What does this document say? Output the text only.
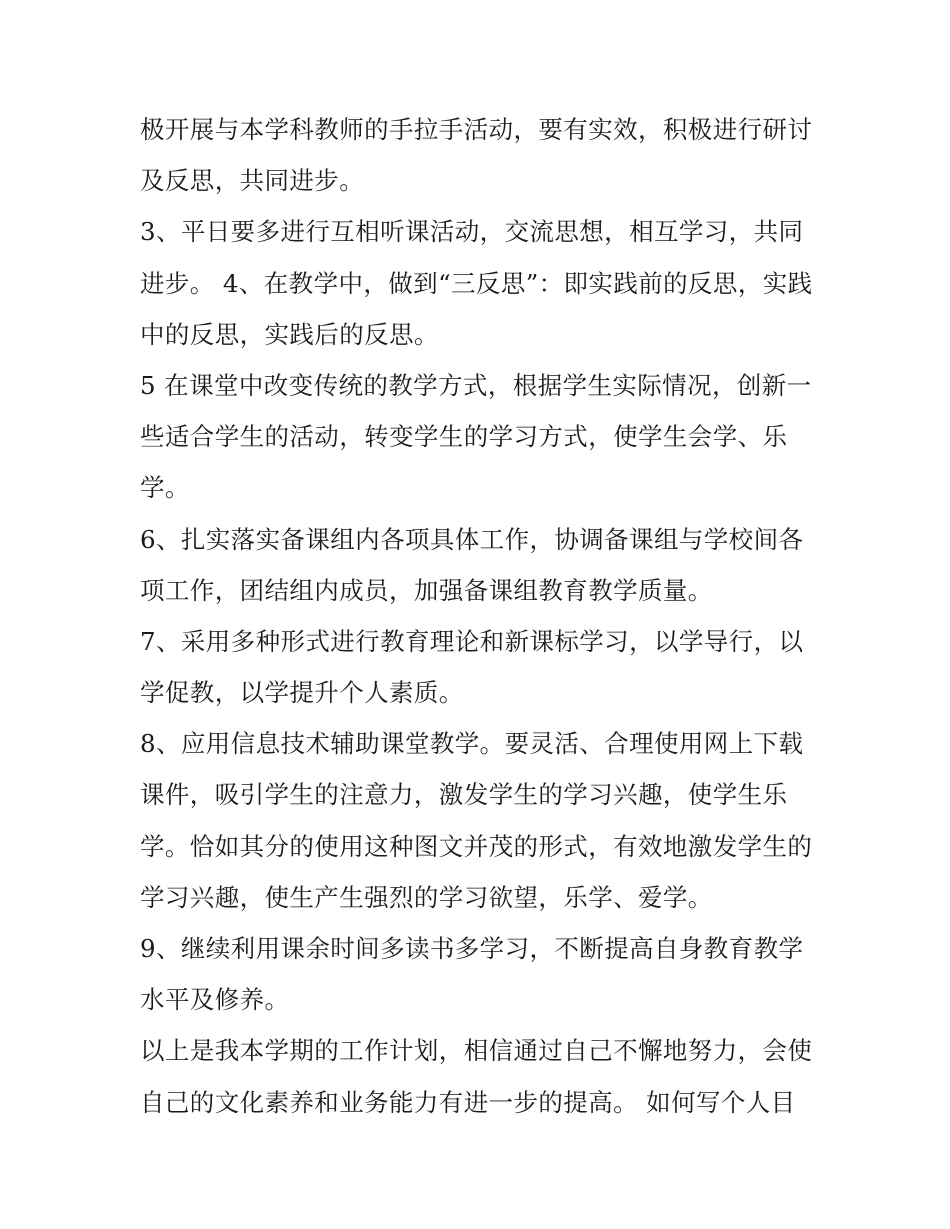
极开展与本学科教师的手拉手活动，要有实效，积极进行研讨
及反思，共同进步。

3、平日要多进行互相听课活动，交流思想，相互学习，共同
进步。 4、在教学中，做到“三反思”：即实践前的反思，实践
中的反思，实践后的反思。

5 在课堂中改变传统的教学方式，根据学生实际情况，创新一
些适合学生的活动，转变学生的学习方式，使学生会学、乐
学。

6、扎实落实备课组内各项具体工作，协调备课组与学校间各
项工作，团结组内成员，加强备课组教育教学质量。

7、采用多种形式进行教育理论和新课标学习，以学导行，以
学促教，以学提升个人素质。

8、应用信息技术辅助课堂教学。要灵活、合理使用网上下载
课件，吸引学生的注意力，激发学生的学习兴趣，使学生乐
学。恰如其分的使用这种图文并茂的形式，有效地激发学生的
学习兴趣，使生产生强烈的学习欲望，乐学、爱学。

9、继续利用课余时间多读书多学习，不断提高自身教育教学
水平及修养。

以上是我本学期的工作计划，相信通过自己不懈地努力，会使
自己的文化素养和业务能力有进一步的提高。 如何写个人目
